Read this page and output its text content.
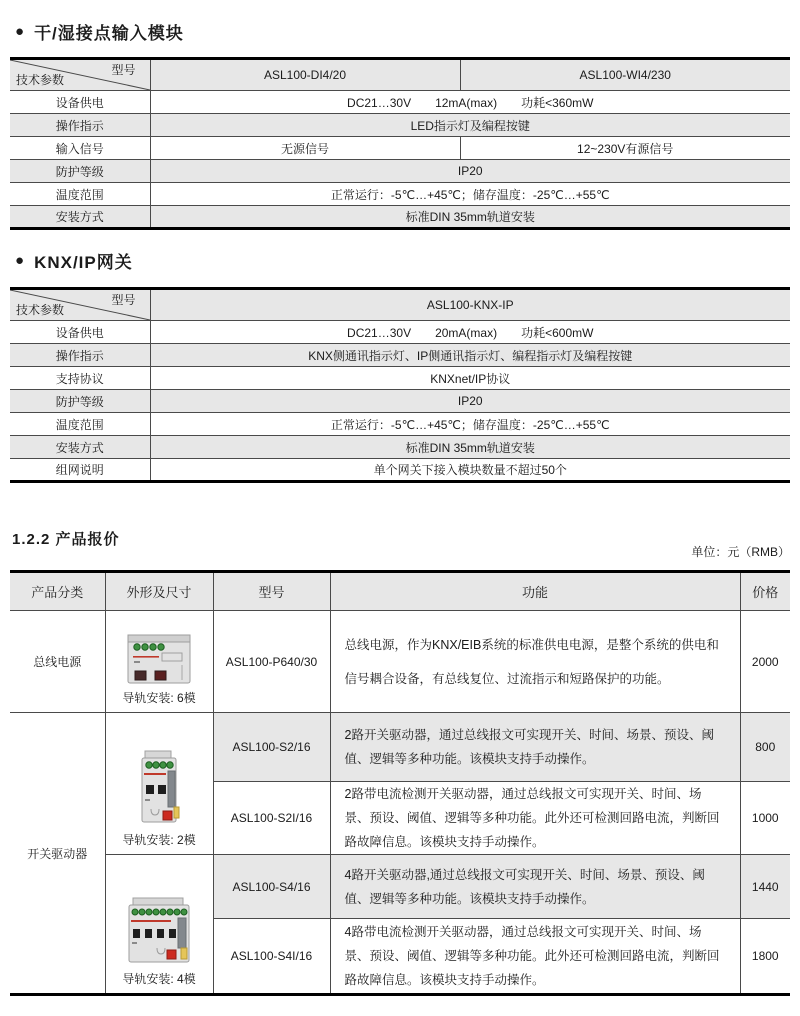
● 干/湿接点输入模块
型号
技术参数	ASL100-DI4/20	ASL100-WI4/230
设备供电	DC21…30V　　12mA(max)　　功耗<360mW	
操作指示	LED指示灯及编程按键	
输入信号	无源信号	12~230V有源信号
防护等级	IP20	
温度范围	正常运行：-5℃…+45℃；储存温度：-25℃…+55℃	
安装方式	标准DIN 35mm轨道安装	
● KNX/IP网关
型号
技术参数	ASL100-KNX-IP
设备供电	DC21…30V　　20mA(max)　　功耗<600mW
操作指示	KNX侧通讯指示灯、IP侧通讯指示灯、编程指示灯及编程按键
支持协议	KNXnet/IP协议
防护等级	IP20
温度范围	正常运行：-5℃…+45℃；储存温度：-25℃…+55℃
安装方式	标准DIN 35mm轨道安装
组网说明	单个网关下接入模块数量不超过50个
1.2.2 产品报价
单位：元（RMB）
产品分类	外形及尺寸	型号	功能	价格
总线电源	导轨安装: 6模	ASL100-P640/30	总线电源，作为KNX/EIB系统的标准供电电源，是整个系统的供电和信号耦合设备，有总线复位、过流指示和短路保护的功能。	2000
开关驱动器	导轨安装: 2模	ASL100-S2/16	2路开关驱动器，通过总线报文可实现开关、时间、场景、预设、阈值、逻辑等多种功能。该模块支持手动操作。	800
		ASL100-S2I/16	2路带电流检测开关驱动器，通过总线报文可实现开关、时间、场景、预设、阈值、逻辑等多种功能。此外还可检测回路电流，判断回路故障信息。该模块支持手动操作。	1000

	导轨安装: 4模	ASL100-S4/16	4路开关驱动器,通过总线报文可实现开关、时间、场景、预设、阈值、逻辑等多种功能。该模块支持手动操作。	1440
		ASL100-S4I/16	4路带电流检测开关驱动器，通过总线报文可实现开关、时间、场景、预设、阈值、逻辑等多种功能。此外还可检测回路电流，判断回路故障信息。该模块支持手动操作。	1800
